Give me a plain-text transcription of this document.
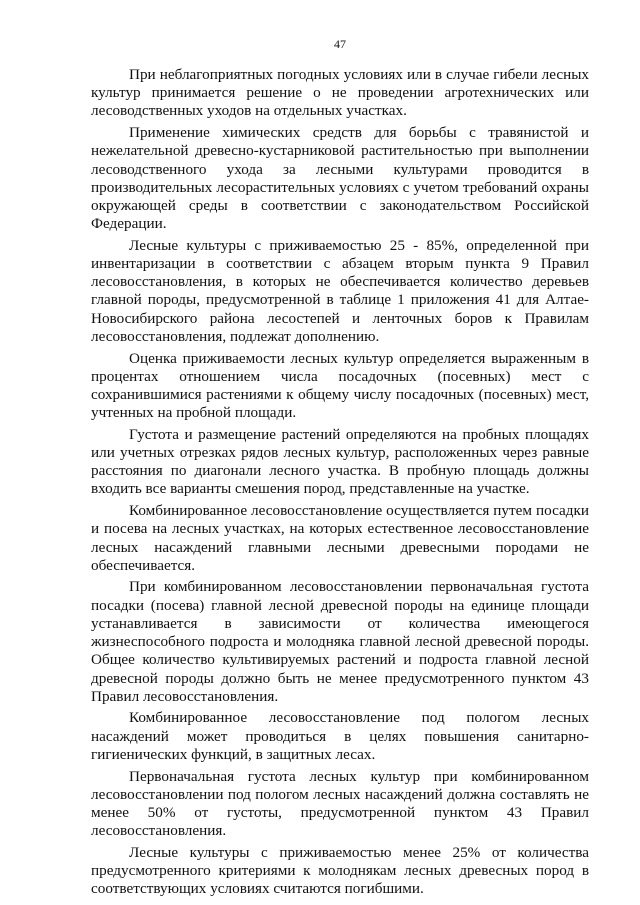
47

При неблагоприятных погодных условиях или в случае гибели лесных культур принимается решение о не проведении агротехнических или лесоводственных уходов на отдельных участках.

Применение химических средств для борьбы с травянистой и нежелательной древесно-кустарниковой растительностью при выполнении лесоводственного ухода за лесными культурами проводится в производительных лесорастительных условиях с учетом требований охраны окружающей среды в соответствии с законодательством Российской Федерации.

Лесные культуры с приживаемостью 25 - 85%, определенной при инвентаризации в соответствии с абзацем вторым пункта 9 Правил лесовосстановления, в которых не обеспечивается количество деревьев главной породы, предусмотренной в таблице 1 приложения 41 для Алтае-Новосибирского района лесостепей и ленточных боров к Правилам лесовосстановления, подлежат дополнению.

Оценка приживаемости лесных культур определяется выраженным в процентах отношением числа посадочных (посевных) мест с сохранившимися растениями к общему числу посадочных (посевных) мест, учтенных на пробной площади.

Густота и размещение растений определяются на пробных площадях или учетных отрезках рядов лесных культур, расположенных через равные расстояния по диагонали лесного участка. В пробную площадь должны входить все варианты смешения пород, представленные на участке.

Комбинированное лесовосстановление осуществляется путем посадки и посева на лесных участках, на которых естественное лесовосстановление лесных насаждений главными лесными древесными породами не обеспечивается.

При комбинированном лесовосстановлении первоначальная густота посадки (посева) главной лесной древесной породы на единице площади устанавливается в зависимости от количества имеющегося жизнеспособного подроста и молодняка главной лесной древесной породы. Общее количество культивируемых растений и подроста главной лесной древесной породы должно быть не менее предусмотренного пунктом 43 Правил лесовосстановления.

Комбинированное лесовосстановление под пологом лесных насаждений может проводиться в целях повышения санитарно-гигиенических функций, в защитных лесах.

Первоначальная густота лесных культур при комбинированном лесовосстановлении под пологом лесных насаждений должна составлять не менее 50% от густоты, предусмотренной пунктом 43 Правил лесовосстановления.

Лесные культуры с приживаемостью менее 25% от количества предусмотренного критериями к молоднякам лесных древесных пород в соответствующих условиях считаются погибшими.
